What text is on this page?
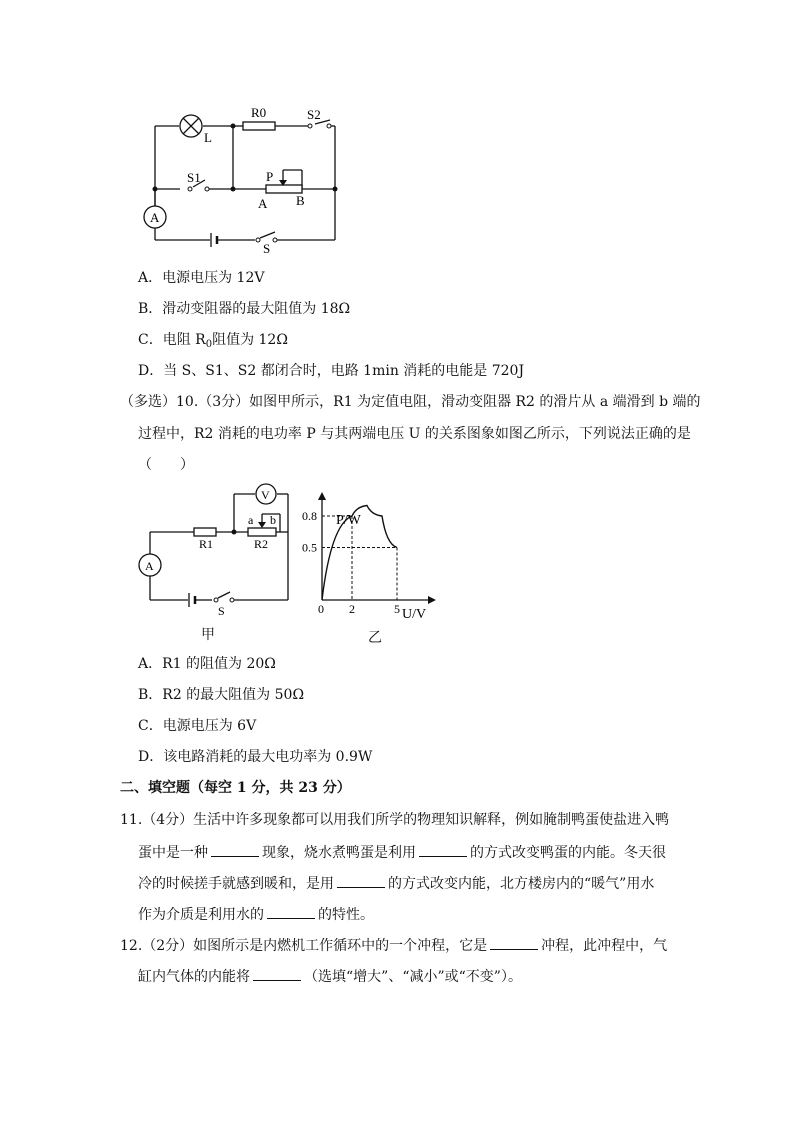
L
R0	S2
S1	P
A B
A
S
A．电源电压为 12V
B．滑动变阻器的最大阻值为 18Ω
C．电阻 $R_0$阻值为 12Ω
D．当 S、S1、S2 都闭合时，电路 1min 消耗的电能是 720J
（多选）10.（3分）如图甲所示，R1 为定值电阻，滑动变阻器 R2 的滑片从 a 端滑到 b 端的
过程中，R2 消耗的电功率 P 与其两端电压 U 的关系图象如图乙所示，下列说法正确的是
（　　）
V
a b
R1	R2
A
S
甲
2	5
0.5
0.8 P/W
U/V
0
乙
A．R1 的阻值为 20Ω
B．R2 的最大阻值为 50Ω
C．电源电压为 6V
D．该电路消耗的最大电功率为 0.9W
二、填空题（每空 1 分，共 23 分）
11.（4分）生活中许多现象都可以用我们所学的物理知识解释，例如腌制鸭蛋使盐进入鸭
蛋中是一种	现象，烧水煮鸭蛋是利用	的方式改变鸭蛋的内能。冬天很
冷的时候搓手就感到暖和，是用	的方式改变内能，北方楼房内的“暖气”用水
作为介质是利用水的	的特性。
12.（2分）如图所示是内燃机工作循环中的一个冲程，它是	冲程，此冲程中，气
缸内气体的内能将	（选填“增大”、“减小”或“不变”）。
